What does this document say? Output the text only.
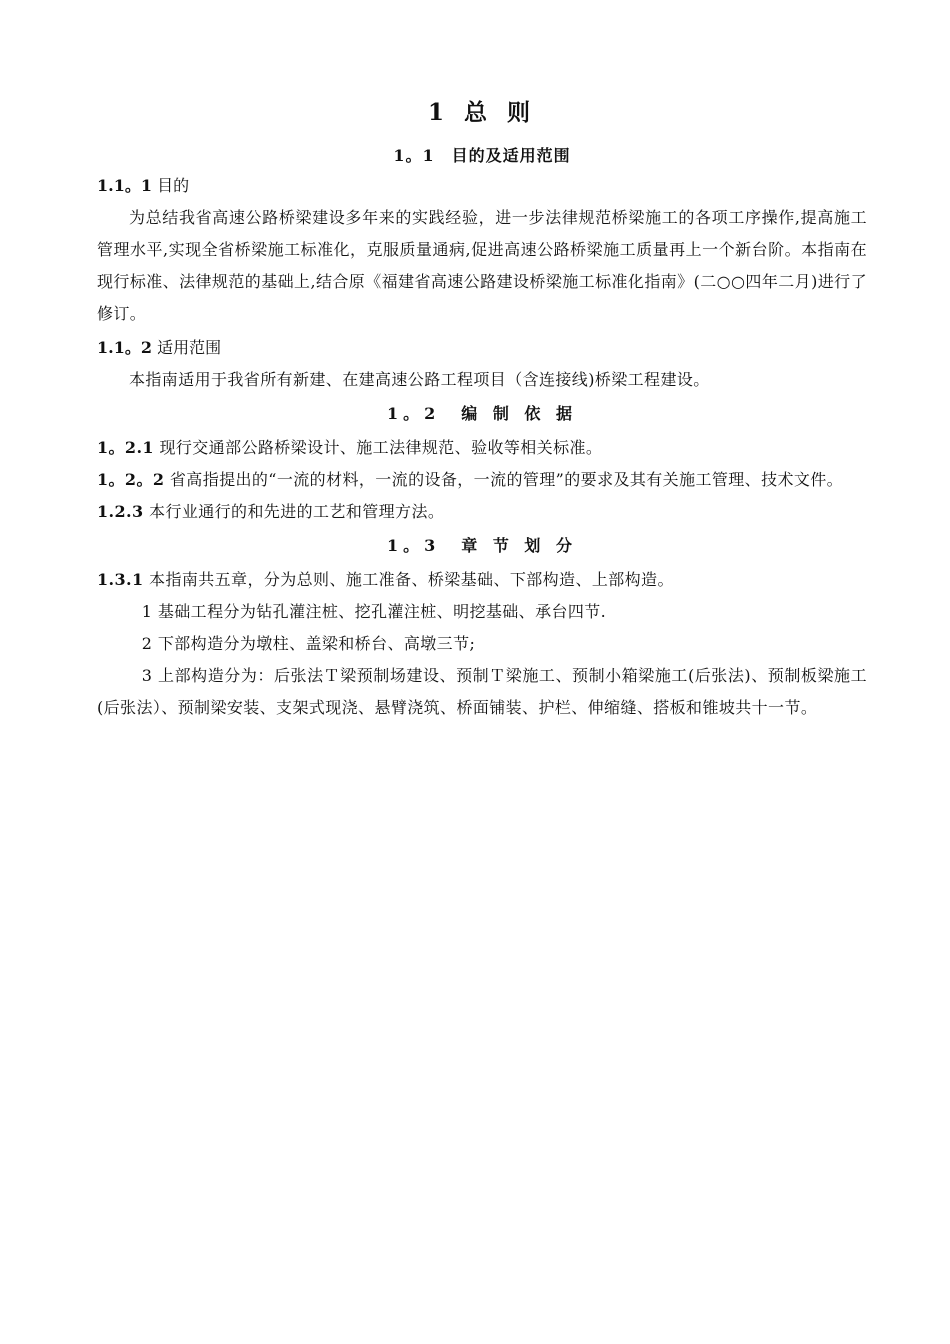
1 总 则
1。1　目的及适用范围
1.1。1 目的

为总结我省高速公路桥梁建设多年来的实践经验，进一步法律规范桥梁施工的各项工序操作,提高施工管理水平,实现全省桥梁施工标准化，克服质量通病,促进高速公路桥梁施工质量再上一个新台阶。本指南在现行标准、法律规范的基础上,结合原《福建省高速公路建设桥梁施工标准化指南》(二○○四年二月)进行了修订。

1.1。2 适用范围

本指南适用于我省所有新建、在建高速公路工程项目（含连接线)桥梁工程建设。

1。2　编 制 依 据

1。2.1 现行交通部公路桥梁设计、施工法律规范、验收等相关标准。

1。2。2 省高指提出的“一流的材料，一流的设备，一流的管理”的要求及其有关施工管理、技术文件。

1.2.3 本行业通行的和先进的工艺和管理方法。

1。3　章 节 划 分

1.3.1 本指南共五章，分为总则、施工准备、桥梁基础、下部构造、上部构造。

1 基础工程分为钻孔灌注桩、挖孔灌注桩、明挖基础、承台四节.

2 下部构造分为墩柱、盖梁和桥台、高墩三节;

3 上部构造分为：后张法Ｔ梁预制场建设、预制Ｔ梁施工、预制小箱梁施工(后张法)、预制板梁施工(后张法）、预制梁安装、支架式现浇、悬臂浇筑、桥面铺装、护栏、伸缩缝、搭板和锥坡共十一节。
